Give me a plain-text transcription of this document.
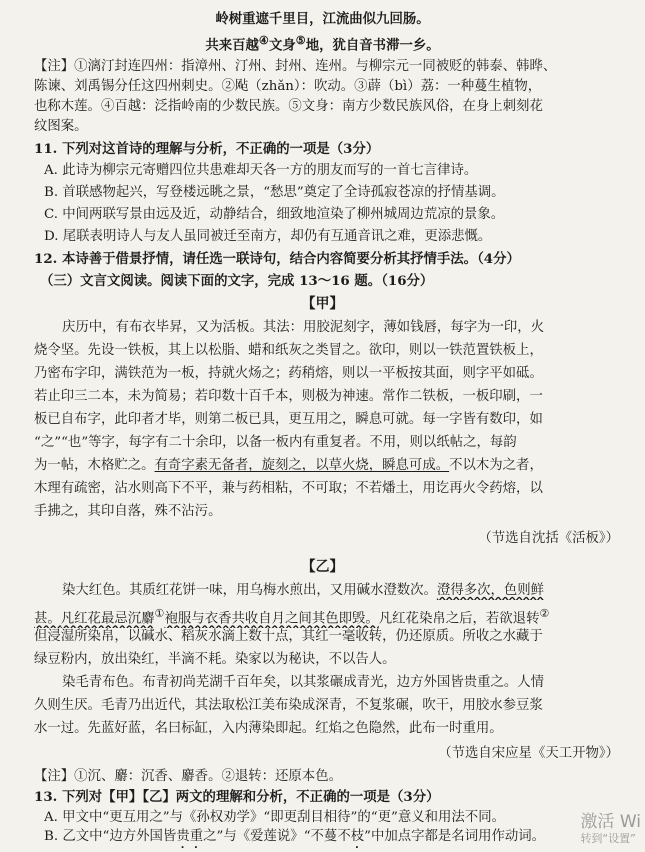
岭树重遮千里目，江流曲似九回肠。
共来百越④文身⑤地，犹自音书滞一乡。
【注】①漓汀封连四州：指漳州、汀州、封州、连州。与柳宗元一同被贬的韩泰、韩晔、
陈谏、刘禹锡分任这四州刺史。②飐（zhǎn）：吹动。③薜（bì）荔：一种蔓生植物，
也称木莲。④百越：泛指岭南的少数民族。⑤文身：南方少数民族风俗，在身上刺刻花
纹图案。
11. 下列对这首诗的理解与分析，不正确的一项是（3分）
A. 此诗为柳宗元寄赠四位共患难却天各一方的朋友而写的一首七言律诗。
B. 首联感物起兴，写登楼远眺之景，“愁思”奠定了全诗孤寂苍凉的抒情基调。
C. 中间两联写景由远及近，动静结合，细致地渲染了柳州城周边荒凉的景象。
D. 尾联表明诗人与友人虽同被迁至南方，却仍有互通音讯之难，更添悲慨。
12. 本诗善于借景抒情，请任选一联诗句，结合内容简要分析其抒情手法。（4分）
（三）文言文阅读。阅读下面的文字，完成 13～16 题。（16分）
【甲】
庆历中，有布衣毕昇，又为活板。其法：用胶泥刻字，薄如钱唇，每字为一印，火
烧令坚。先设一铁板，其上以松脂、蜡和纸灰之类冒之。欲印，则以一铁范置铁板上，
乃密布字印，满铁范为一板，持就火炀之；药稍熔，则以一平板按其面，则字平如砥。
若止印三二本，未为简易；若印数十百千本，则极为神速。常作二铁板，一板印刷，一
板已自布字，此印者才毕，则第二板已具，更互用之，瞬息可就。每一字皆有数印，如
“之”“也”等字，每字有二十余印，以备一板内有重复者。不用，则以纸帖之，每韵
为一帖，木格贮之。有奇字素无备者，旋刻之，以草火烧，瞬息可成。不以木为之者，
木理有疏密，沾水则高下不平，兼与药相粘，不可取；不若燔土，用讫再火令药熔，以
手拂之，其印自落，殊不沾污。
（节选自沈括《活板》）
【乙】
染大红色。其质红花饼一味，用乌梅水煎出，又用碱水澄数次。澄得多次，色则鲜
甚。凡红花最忌沉麝①袍服与衣香共收自月之间其色即毁。凡红花染帛之后，若欲退转②
但浸湿所染帛，以碱水、稻灰水滴上数十点，其红一毫收转，仍还原质。所收之水藏于
绿豆粉内，放出染红，半滴不耗。染家以为秘诀，不以告人。
染毛青布色。布青初尚芜湖千百年矣，以其浆碾成青光，边方外国皆贵重之。人情
久则生厌。毛青乃出近代，其法取松江美布染成深青，不复浆碾，吹干，用胶水参豆浆
水一过。先蓝好蓝，名曰标缸，入内薄染即起。红焰之色隐然，此布一时重用。
（节选自宋应星《天工开物》）
【注】①沉、麝：沉香、麝香。②退转：还原本色。
13. 下列对【甲】【乙】两文的理解和分析，不正确的一项是（3分）
A. 甲文中“更互用之”与《孙权劝学》“即更刮目相待”的“更”意义和用法不同。
B. 乙文中“边方外国皆贵重之”与《爱莲说》“不蔓不枝”中加点字都是名词用作动词。
激活 Wi
转到“设置”
